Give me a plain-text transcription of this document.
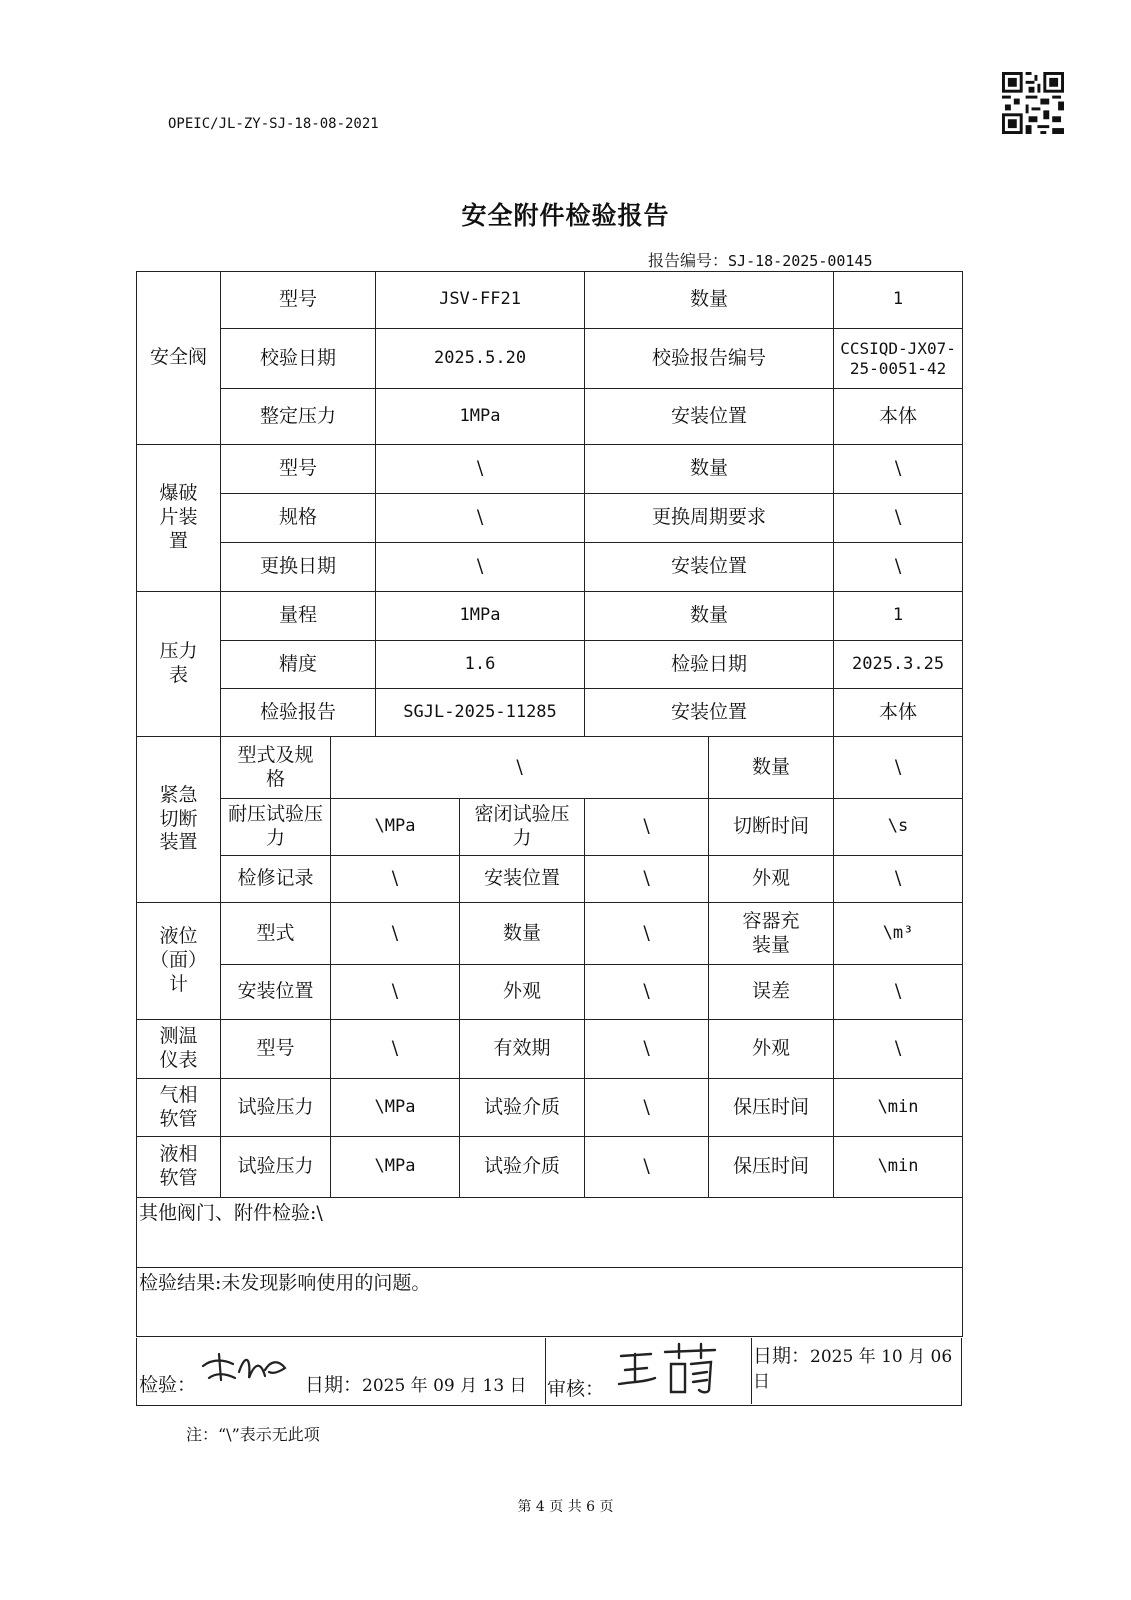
OPEIC/JL-ZY-SJ-18-08-2021
安全附件检验报告
报告编号：SJ-18-2025-00145
安全阀	型号		JSV-FF21		数量		1
	校验日期		2025.5.20		校验报告编号		CCSIQD-JX07-25-0051-42
	整定压力		1MPa		安装位置		本体
爆破片装置	型号		\		数量		\
	规格		\		更换周期要求		\
	更换日期		\		安装位置		\
压力表	量程		1MPa		数量		1
	精度		1.6		检验日期		2025.3.25
	检验报告		SGJL-2025-11285		安装位置		本体
紧急切断装置	型式及规格	\				数量	\
	耐压试验压力	\MPa		密闭试验压力	\	切断时间	\s
	检修记录	\		安装位置	\	外观	\
液位（面）计	型式	\		数量	\	容器充装量	\m³
	安装位置	\		外观	\	误差	\
测温仪表	型号	\		有效期	\	外观	\
气相软管	试验压力	\MPa		试验介质	\	保压时间	\min
液相软管	试验压力	\MPa		试验介质	\	保压时间	\min
其他阀门、附件检验:\							
检验结果:未发现影响使用的问题。							
检验：	日期：2025 年 09 月 13 日 审核：
日期：2025 年 10 月 06 日
注：“\”表示无此项
第 4 页 共 6 页
